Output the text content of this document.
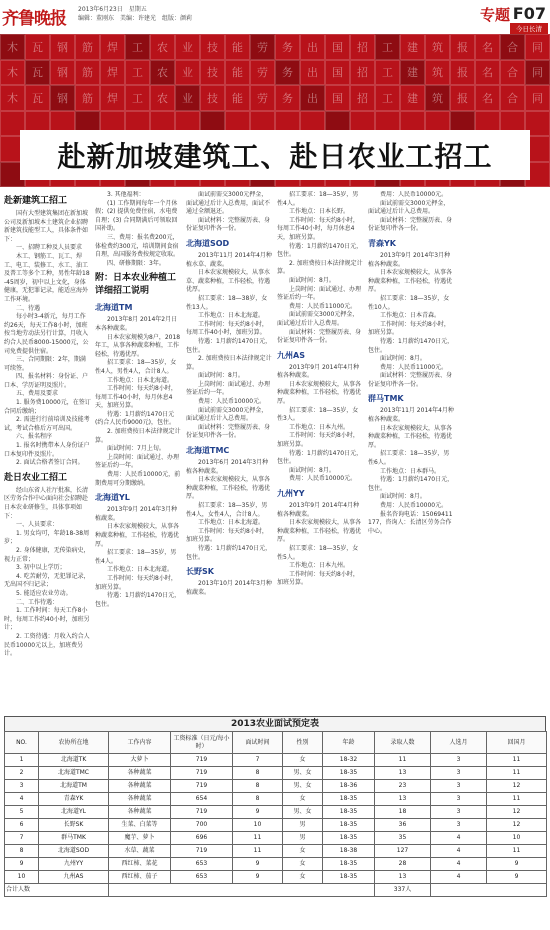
齐鲁晚报 2013年6月23日　星期五
编辑：董刚东　美编：许建光　组版：颜莉	专题 F07
今日长清
木 瓦 钢 筋 焊 工 农 业 技 能 劳 务 出 国 招 工 建 筑 报 名 合 同
木 瓦 钢 筋 焊 工 农 业 技 能 劳 务 出 国 招 工 建 筑 报 名 合 同
木 瓦 钢 筋 焊 工 农 业 技 能 劳 务 出 国 招 工 建 筑 报 名 合 同
赴新加坡建筑工、赴日农业工招工
赴新建筑工招工

国有大型建筑集团在新加坡公司及新加坡本土建筑企业招聘新建筑技能型工人，具体条件如下：

一、招聘工种及人员要求

木工、钢筋工、瓦工、焊工、电工、装修工、水工、油工及普工等多个工种，男性年龄18-45周岁，初中以上文化，身体健康，无犯罪记录，能适应海外工作环境。

二、待遇

每小时3-4新元，每月工作约26天，每天工作8小时，加班按当地劳动法另行计算，月收入约合人民币8000-15000元，公司免费提供住宿。

三、合同期限：2年，期满可续签。

四、报名材料：身份证、户口本、学历证明及照片。

五、费用及要求

1. 服务费10000元，在签订合同后缴纳；

2. 需进行行前培训及技能考试，考试合格后方可出国。

六、报名程序

1. 报名时携带本人身份证户口本复印件及照片。

2. 面试合格者签订合同。

赴日农业工招工

经山东省人社厅批准，长清区劳务合作中心面向社会招聘赴日本农业研修生，具体事项如下：

一、人员要求：

1. 男女均可，年龄18-38周岁；

2. 身体健康，无传染病史，视力正常；

3. 初中以上学历；

4. 吃苦耐劳，无犯罪记录，无出国不归记录；

5. 能适应农业劳动。

二、工作待遇：

1. 工作时间：每天工作8小时，每周工作约40小时，加班另计；

2. 工资待遇：月收入约合人民币10000元以上，加班费另计。

3. 其他福利：

(1) 工作期间每年一个月休假；(2) 提供免费住宿，水电费自理；(3) 合同期满后可领取回国补助。

三、费用：报名费200元，体检费约300元，培训期间食宿自理，出国服务费按规定收取。

四、研修期限：3年。

附：日本农业种植工详细招工说明
北海道TM

2013年8月 2014年2月日本各种蔬菜。

日本农家规模为8户，2018年工，从事各种蔬菜种植，工作轻松，待遇优厚。

招工要求：18—35岁，女性4人，男性4人，合计8人。

工作地点：日本北海道。

工作时间：每天约8小时，每周工作40小时，每月休息4天，加班另算。

待遇：1月薪约1470日元(约合人民币9000元)，包住。

2. 加班费按日本法律规定计算。

面试时间：7月上旬。

上岗时间：面试通过、办理签证后约一年。

费用：人民币10000元，前期费用可分期缴纳。

北海道YL

2013年9月 2014年3月种植蔬菜。

日本农家规模较大，从事各种蔬菜种植，工作轻松，待遇优厚。

招工要求：18—35岁，男性4人。

工作地点：日本北海道。

工作时间：每天约8小时，加班另算。

待遇：1月薪约1470日元，包住。

面试前需交3000元押金，面试通过后计入总费用，面试不通过全额退还。

面试材料：完整履历表、身份证复印件各一份。

北海道SOD

2013年11月 2014年4月种植水草、蔬菜。

日本农家规模较大，从事水草、蔬菜种植，工作轻松，待遇优厚。

招工要求：18—38岁，女性13人。

工作地点：日本北海道。

工作时间：每天约8小时，每周工作40小时，加班另算。

待遇：1月薪约1470日元，包住。

2. 加班费按日本法律规定计算。

面试时间：8月。

上岗时间：面试通过、办理签证后约一年。

费用：人民币10000元。

面试前需交3000元押金，面试通过后计入总费用。

面试材料：完整履历表、身份证复印件各一份。

北海道TMC

2013年6月 2014年3月种植各种蔬菜。

日本农家规模较大，从事各种蔬菜种植，工作轻松，待遇优厚。

招工要求：18—35岁，男性4人，女性4人，合计8人。

工作地点：日本北海道。

工作时间：每天约8小时，加班另算。

待遇：1月薪约1470日元，包住。

长野SK

2013年10月 2014年3月种植蔬菜。

招工要求：18—35岁，男性4人。

工作地点：日本长野。

工作时间：每天约8小时，每周工作40小时，每月休息4天，加班另算。

待遇：1月薪约1470日元，包住。

2. 加班费按日本法律规定计算。

面试时间：8月。

上岗时间：面试通过、办理签证后约一年。

费用：人民币11000元。

面试前需交3000元押金，面试通过后计入总费用。

面试材料：完整履历表、身份证复印件各一份。

九州AS

2013年9月 2014年4月种植各种蔬菜。

日本农家规模较大，从事各种蔬菜种植，工作轻松，待遇优厚。

招工要求：18—35岁，女性3人。

工作地点：日本九州。

工作时间：每天约8小时，加班另算。

待遇：1月薪约1470日元，包住。

面试时间：8月。

费用：人民币10000元。

九州YY

2013年9月 2014年4月种植各种蔬菜。

日本农家规模较大，从事各种蔬菜种植，工作轻松，待遇优厚。

招工要求：18—35岁，女性5人。

工作地点：日本九州。

工作时间：每天约8小时，加班另算。

费用：人民币10000元。

面试前需交3000元押金，面试通过后计入总费用。

面试材料：完整履历表、身份证复印件各一份。

青森YK

2013年9月 2014年3月种植各种蔬菜。

日本农家规模较大，从事各种蔬菜种植，工作轻松，待遇优厚。

招工要求：18—35岁，女性10人。

工作地点：日本青森。

工作时间：每天约8小时，加班另算。

待遇：1月薪约1470日元，包住。

面试时间：8月。

费用：人民币11000元。

面试材料：完整履历表、身份证复印件各一份。

群马TMK

2013年11月 2014年4月种植各种蔬菜。

日本农家规模较大，从事各种蔬菜种植，工作轻松，待遇优厚。

招工要求：18—35岁，男性6人。

工作地点：日本群马。

待遇：1月薪约1470日元，包住。

面试时间：8月。

费用：人民币10000元。

报名咨询电话：15069411177，咨询人：长清区劳务合作中心。

2013农业面试预定表
NO.	农协所在地	工作内容	工资标准（日元/每小时）	面试时间	性别	年龄	录取人数	人选月	回国月
1	北海道TK	大萝卜	719	7	女	18-32	11	3	11
2	北海道TMC	各种蔬菜	719	8	男、女	18-35	13	3	11
3	北海道TM	各种蔬菜	719	8	男、女	18-36	23	3	12
4	青森YK	各种蔬菜	654	8	女	18-35	13	3	11
5	北海道YL	各种蔬菜	719	9	男、女	18-35	18	3	12
6	长野SK	生菜、白菜等	700	10	男	18-35	36	3	12
7	群马TMK	魔芋、萝卜	696	11	男	18-35	35	4	10
8	北海道SOD	水草、蔬菜	719	11	女	18-38	127	4	11
9	九州YY	西红柿、菜花	653	9	女	18-35	28	4	9
10	九州AS	西红柿、茄子	653	9	女	18-35	13	4	9
合计人数							337人		
